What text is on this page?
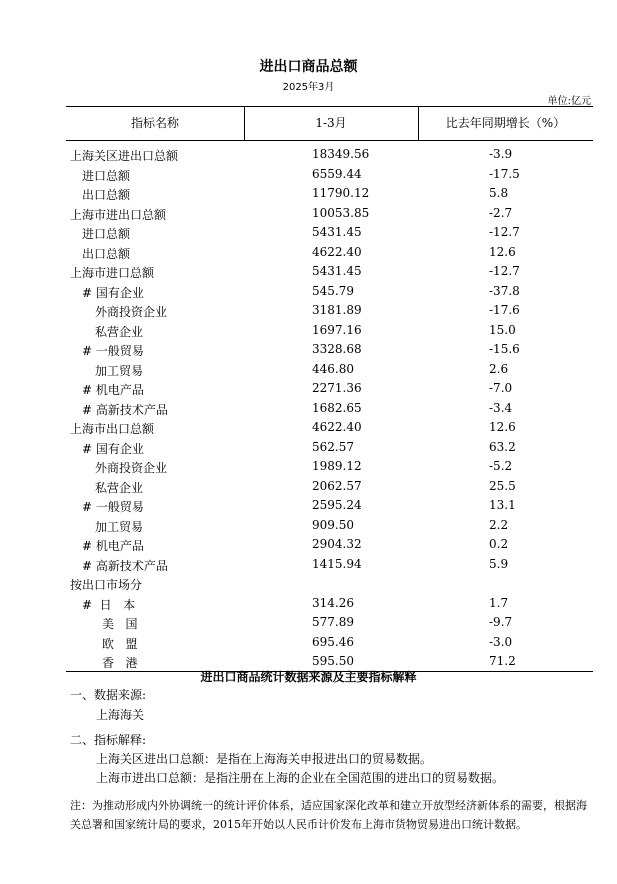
进出口商品总额
2025年3月
单位:亿元
指标名称	1-3月	比去年同期增长（%）
上海关区进出口总额	18349.56	-3.9
进口总额	6559.44	-17.5
出口总额	11790.12	5.8
上海市进出口总额	10053.85	-2.7
进口总额	5431.45	-12.7
出口总额	4622.40	12.6
上海市进口总额	5431.45	-12.7
# 国有企业	545.79	-37.8
外商投资企业	3181.89	-17.6
私营企业	1697.16	15.0
# 一般贸易	3328.68	-15.6
加工贸易	446.80	2.6
# 机电产品	2271.36	-7.0
# 高新技术产品	1682.65	-3.4
上海市出口总额	4622.40	12.6
# 国有企业	562.57	63.2
外商投资企业	1989.12	-5.2
私营企业	2062.57	25.5
# 一般贸易	2595.24	13.1
加工贸易	909.50	2.2
# 机电产品	2904.32	0.2
# 高新技术产品	1415.94	5.9
按出口市场分
#  日   本	314.26	1.7
美   国	577.89	-9.7
欧   盟	695.46	-3.0
香   港	595.50	71.2
进出口商品统计数据来源及主要指标解释
一、数据来源:
上海海关
二、指标解释:
上海关区进出口总额：是指在上海海关申报进出口的贸易数据。
上海市进出口总额：是指注册在上海的企业在全国范围的进出口的贸易数据。
注：为推动形成内外协调统一的统计评价体系，适应国家深化改革和建立开放型经济新体系的需要，根据海关总署和国家统计局的要求，2015年开始以人民币计价发布上海市货物贸易进出口统计数据。
